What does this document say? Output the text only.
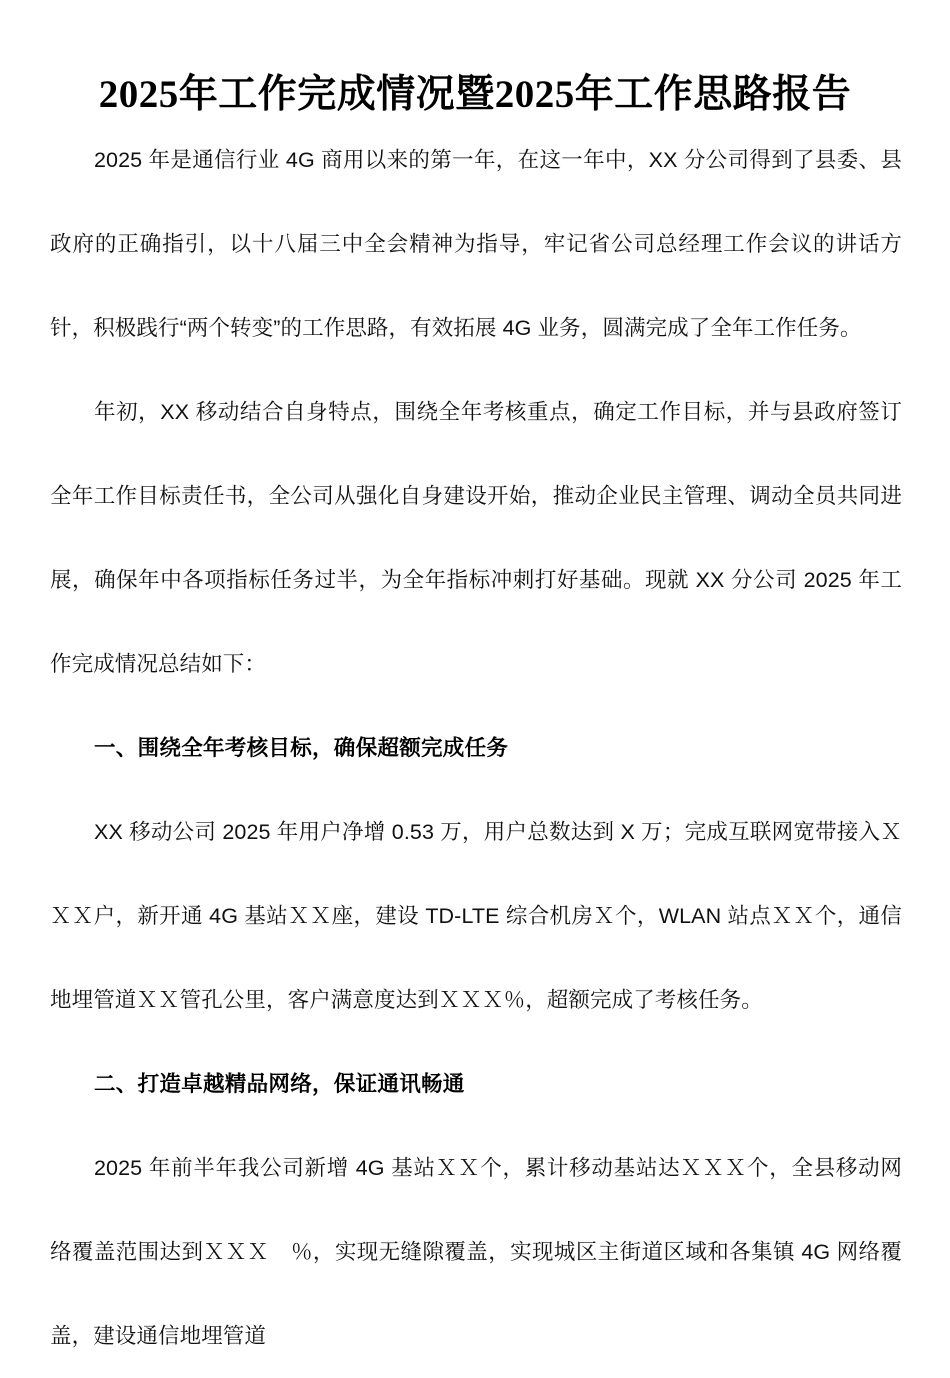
2025年工作完成情况暨2025年工作思路报告

2025 年是通信行业 4G 商用以来的第一年，在这一年中，XX 分公司得到了县委、县政府的正确指引，以十八届三中全会精神为指导，牢记省公司总经理工作会议的讲话方针，积极践行“两个转变”的工作思路，有效拓展 4G 业务，圆满完成了全年工作任务。

年初，XX 移动结合自身特点，围绕全年考核重点，确定工作目标，并与县政府签订全年工作目标责任书，全公司从强化自身建设开始，推动企业民主管理、调动全员共同进展，确保年中各项指标任务过半，为全年指标冲刺打好基础。现就 XX 分公司 2025 年工作完成情况总结如下：

一、围绕全年考核目标，确保超额完成任务

XX 移动公司 2025 年用户净增 0.53 万，用户总数达到 X 万；完成互联网宽带接入ＸＸＸ户，新开通 4G 基站ＸＸ座，建设 TD-LTE 综合机房Ｘ个，WLAN 站点ＸＸ个，通信地埋管道ＸＸ管孔公里，客户满意度达到ＸＸＸ％，超额完成了考核任务。

二、打造卓越精品网络，保证通讯畅通

2025 年前半年我公司新增 4G 基站ＸＸ个，累计移动基站达ＸＸＸ个，全县移动网络覆盖范围达到ＸＸＸ　％，实现无缝隙覆盖，实现城区主街道区域和各集镇 4G 网络覆盖，建设通信地埋管道
